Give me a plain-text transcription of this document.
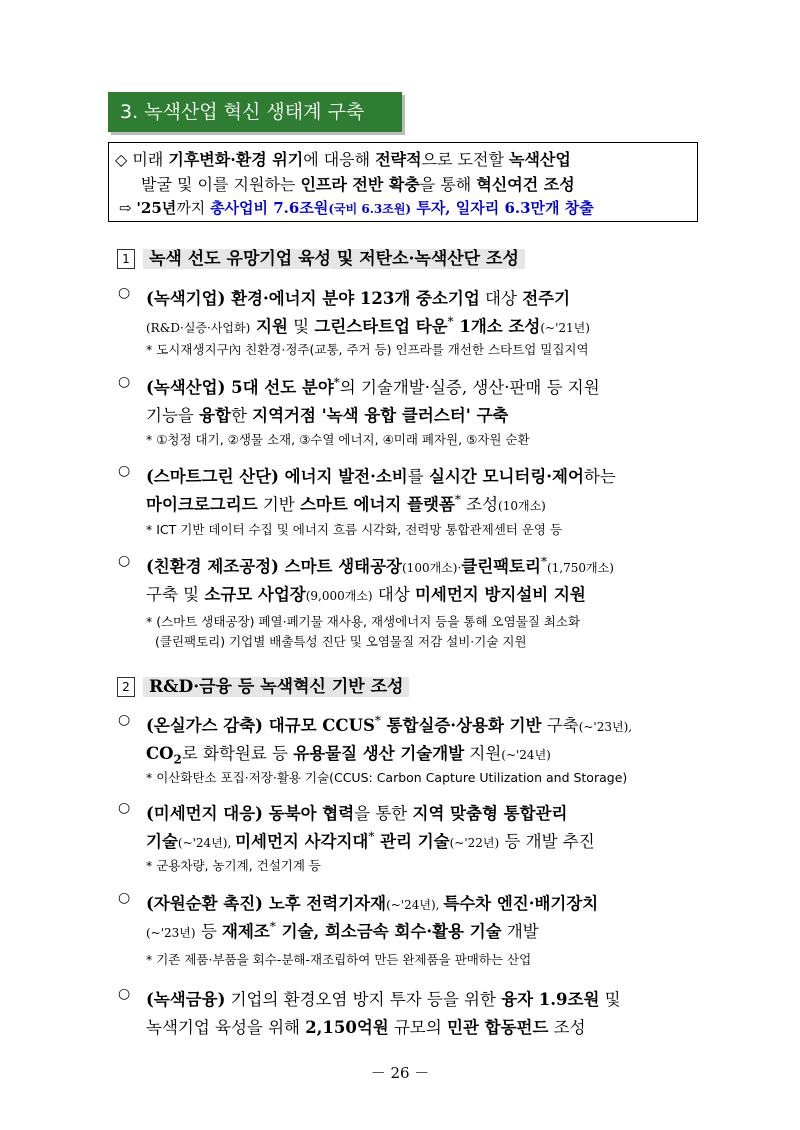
3. 녹색산업 혁신 생태계 구축
◇ 미래 기후변화·환경 위기에 대응해 전략적으로 도전할 녹색산업
발굴 및 이를 지원하는 인프라 전반 확충을 통해 혁신여건 조성
⇨ '25년까지 총사업비 7.6조원(국비 6.3조원) 투자, 일자리 6.3만개 창출
1 녹색 선도 유망기업 육성 및 저탄소·녹색산단 조성
○ (녹색기업) 환경·에너지 분야 123개 중소기업 대상 전주기
(R&D·실증·사업화) 지원 및 그린스타트업 타운* 1개소 조성(~'21년)
* 도시재생지구內 친환경·정주(교통, 주거 등) 인프라를 개선한 스타트업 밀집지역
○ (녹색산업) 5대 선도 분야*의 기술개발·실증, 생산·판매 등 지원
기능을 융합한 지역거점 '녹색 융합 클러스터' 구축
* ①청정 대기, ②생물 소재, ③수열 에너지, ④미래 폐자원, ⑤자원 순환
○ (스마트그린 산단) 에너지 발전·소비를 실시간 모니터링·제어하는
마이크로그리드 기반 스마트 에너지 플랫폼* 조성(10개소)
* ICT 기반 데이터 수집 및 에너지 흐름 시각화, 전력망 통합관제센터 운영 등
○ (친환경 제조공정) 스마트 생태공장(100개소)·클린팩토리*(1,750개소)
구축 및 소규모 사업장(9,000개소) 대상 미세먼지 방지설비 지원
* (스마트 생태공장) 폐열·폐기물 재사용, 재생에너지 등을 통해 오염물질 최소화
(클린팩토리) 기업별 배출특성 진단 및 오염물질 저감 설비·기술 지원
2 R&D·금융 등 녹색혁신 기반 조성
○ (온실가스 감축) 대규모 CCUS* 통합실증·상용화 기반 구축(~'23년),
$CO_2$로 화학원료 등 유용물질 생산 기술개발 지원(~'24년)
* 이산화탄소 포집·저장·활용 기술(CCUS: Carbon Capture Utilization and Storage)
○ (미세먼지 대응) 동북아 협력을 통한 지역 맞춤형 통합관리
기술(~'24년), 미세먼지 사각지대* 관리 기술(~'22년) 등 개발 추진
* 군용차량, 농기계, 건설기계 등
○ (자원순환 촉진) 노후 전력기자재(~'24년), 특수차 엔진·배기장치
(~'23년) 등 재제조* 기술, 희소금속 회수·활용 기술 개발
* 기존 제품·부품을 회수-분해-재조립하여 만든 완제품을 판매하는 산업
○ (녹색금융) 기업의 환경오염 방지 투자 등을 위한 융자 1.9조원 및
녹색기업 육성을 위해 2,150억원 규모의 민관 합동펀드 조성
－ 26 －
